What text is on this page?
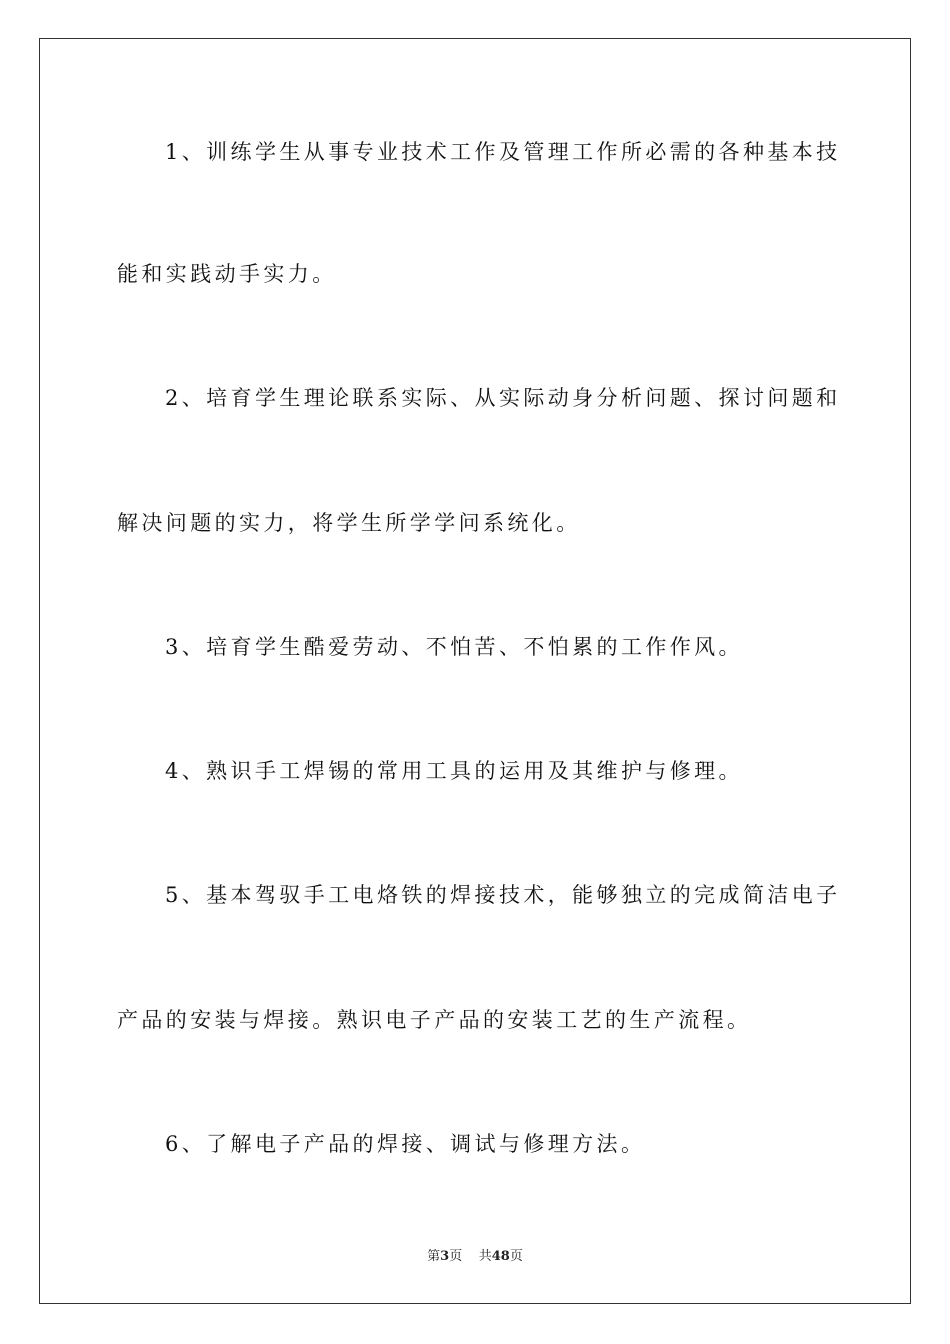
1、训练学生从事专业技术工作及管理工作所必需的各种基本技
能和实践动手实力。
2、培育学生理论联系实际、从实际动身分析问题、探讨问题和
解决问题的实力，将学生所学学问系统化。
3、培育学生酷爱劳动、不怕苦、不怕累的工作作风。
4、熟识手工焊锡的常用工具的运用及其维护与修理。
5、基本驾驭手工电烙铁的焊接技术，能够独立的完成简洁电子
产品的安装与焊接。熟识电子产品的安装工艺的生产流程。
6、了解电子产品的焊接、调试与修理方法。
第3页 共48页
